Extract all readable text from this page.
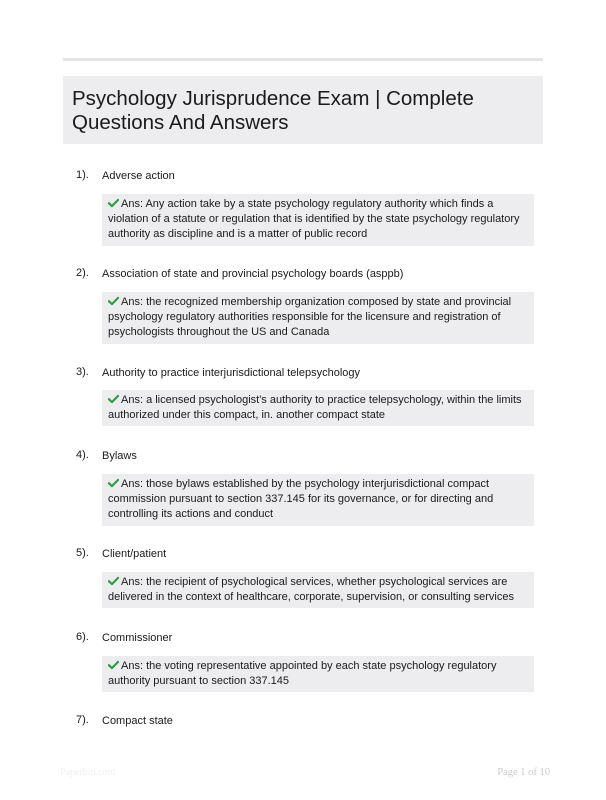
Psychology Jurisprudence Exam | Complete Questions And Answers
1). Adverse action
Ans: Any action take by a state psychology regulatory authority which finds a violation of a statute or regulation that is identified by the state psychology regulatory authority as discipline and is a matter of public record
2). Association of state and provincial psychology boards (asppb)
Ans: the recognized membership organization composed by state and provincial psychology regulatory authorities responsible for the licensure and registration of psychologists throughout the US and Canada
3). Authority to practice interjurisdictional telepsychology
Ans: a licensed psychologist's authority to practice telepsychology, within the limits authorized under this compact, in. another compact state
4). Bylaws
Ans: those bylaws established by the psychology interjurisdictional compact commission pursuant to section 337.145 for its governance, or for directing and controlling its actions and conduct
5). Client/patient
Ans: the recipient of psychological services, whether psychological services are delivered in the context of healthcare, corporate, supervision, or consulting services
6). Commissioner
Ans: the voting representative appointed by each state psychology regulatory authority pursuant to section 337.145
7). Compact state
Paperbin.com	Page 1 of 10
